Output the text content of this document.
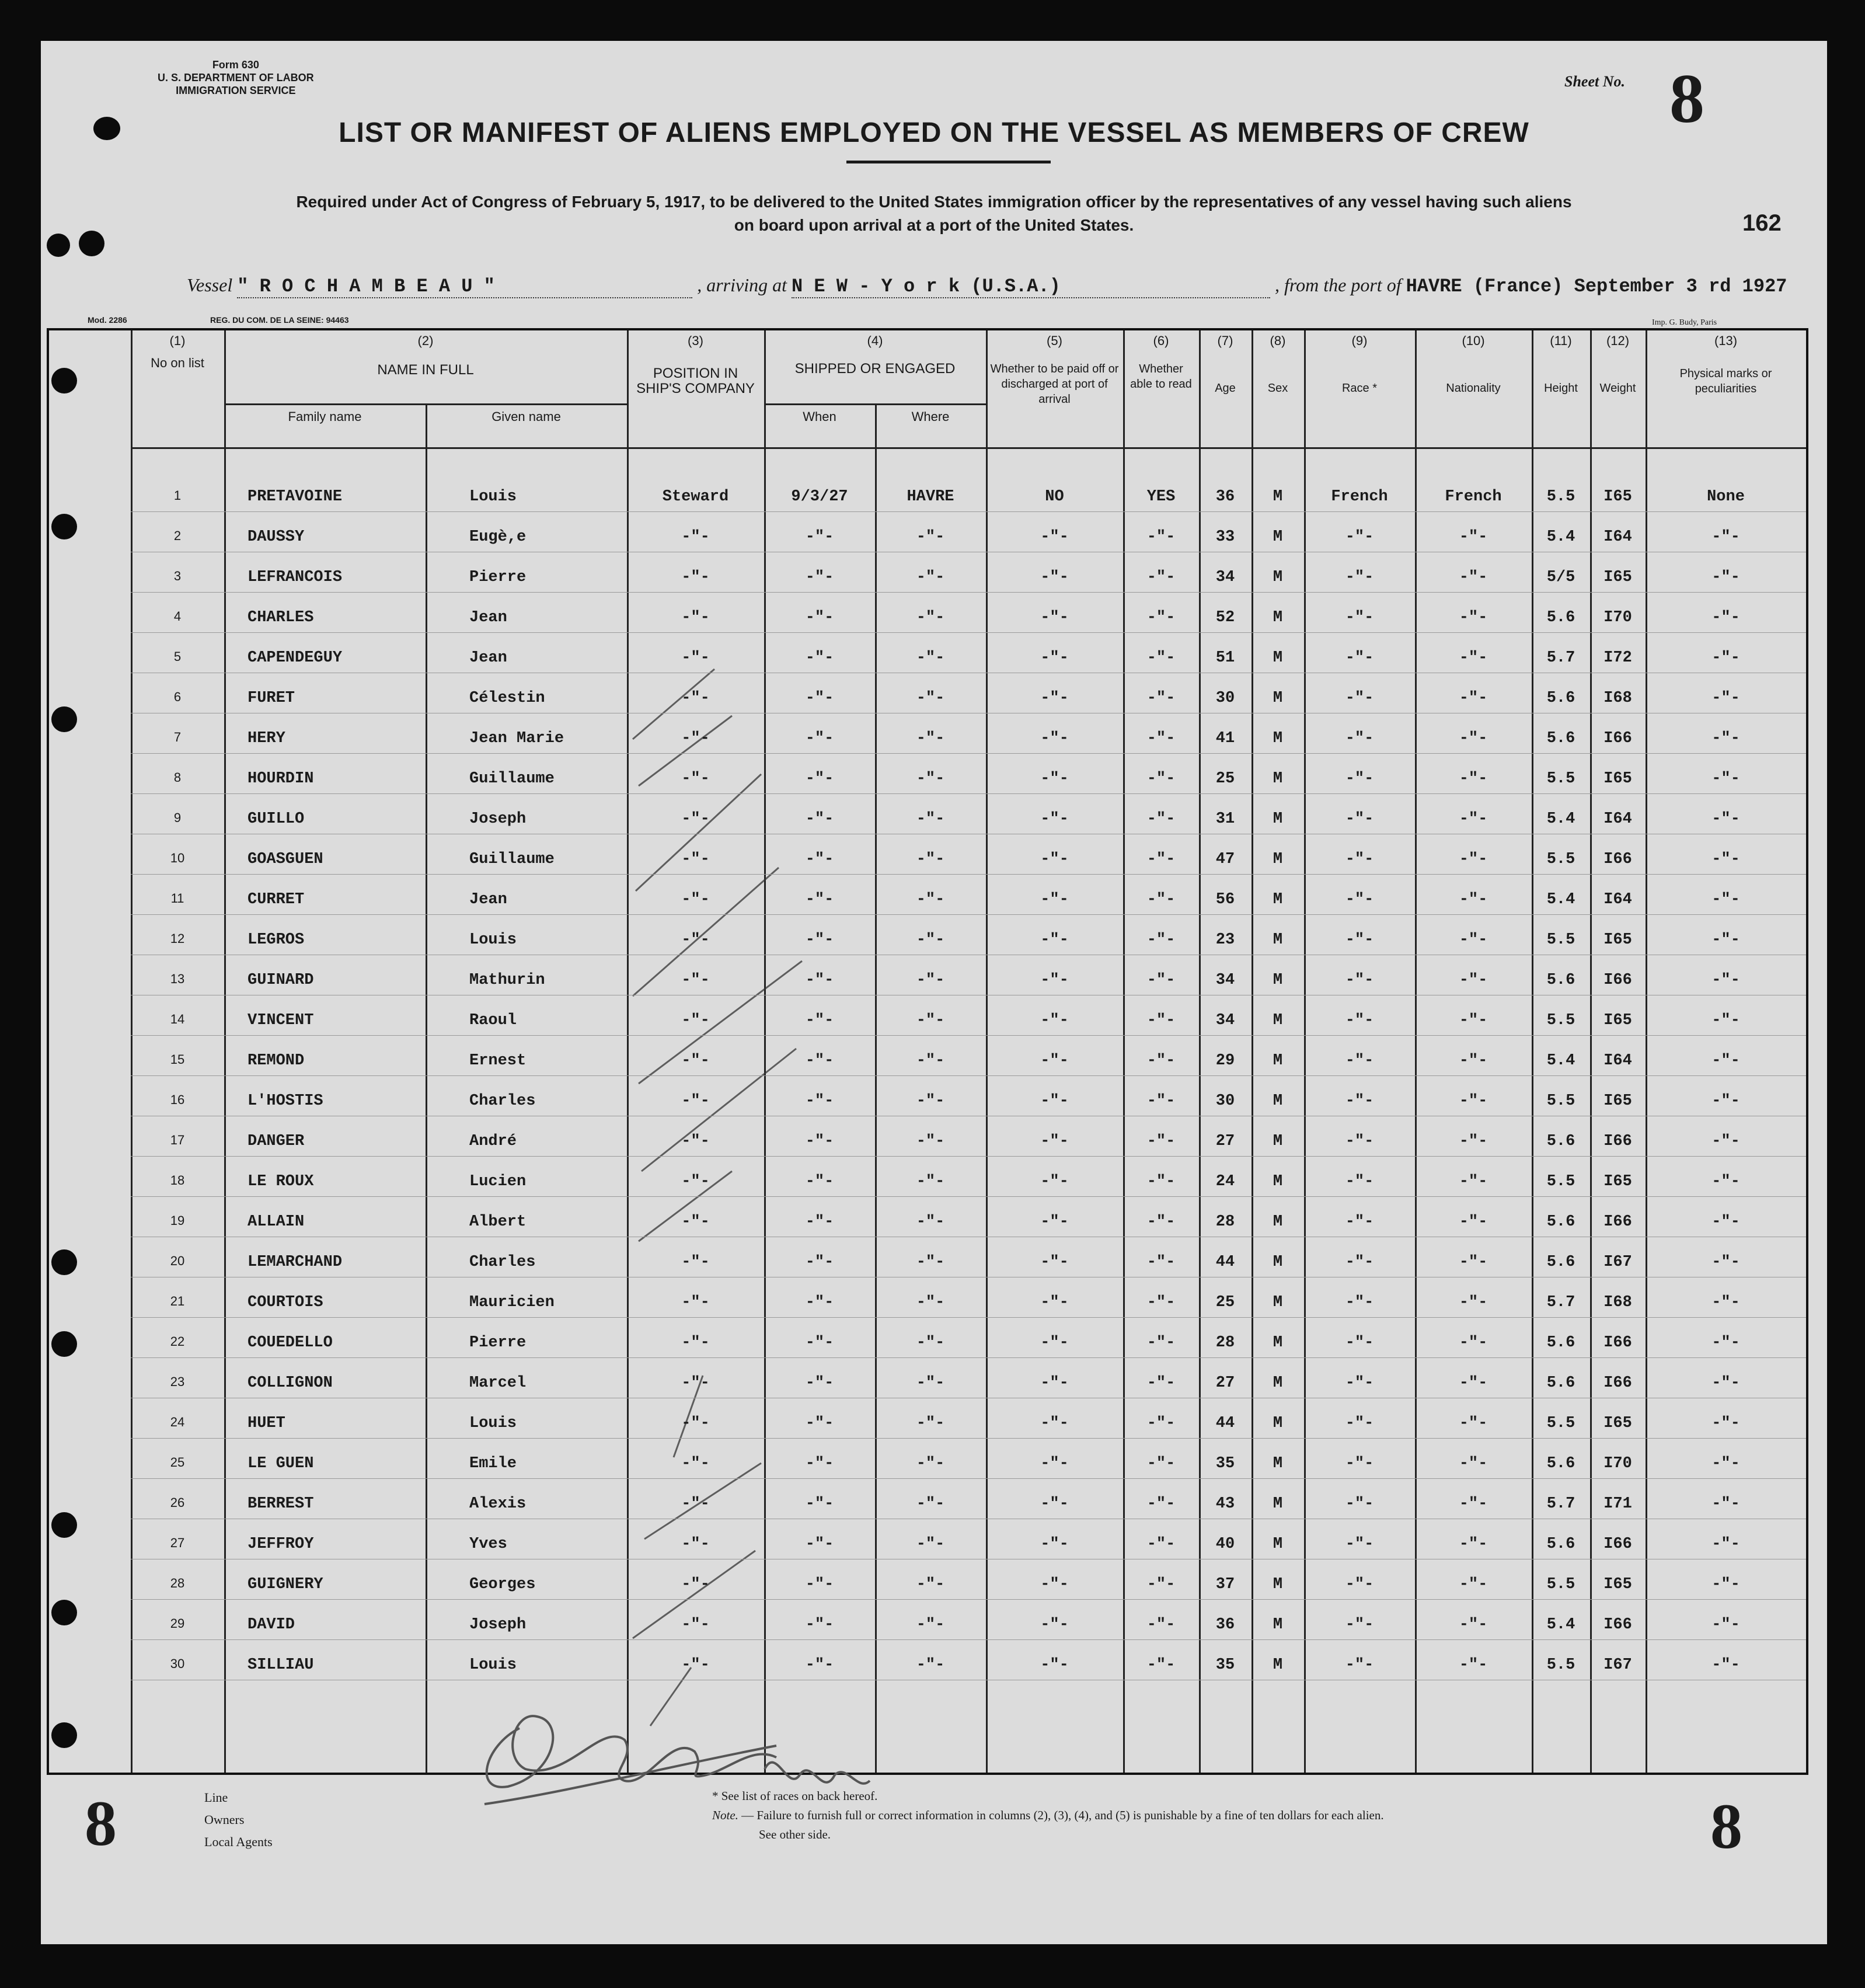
Form 630
U. S. DEPARTMENT OF LABOR
IMMIGRATION SERVICE
Sheet No. 8
LIST OR MANIFEST OF ALIENS EMPLOYED ON THE VESSEL AS MEMBERS OF CREW
Required under Act of Congress of February 5, 1917, to be delivered to the United States immigration officer by the representatives of any vessel having such aliens
on board upon arrival at a port of the United States.	162
Vessel " R O C H A M B E A U "	, arriving at N E W - Y o r k (U.S.A.)	, from the port of HAVRE (France) September 3 rd 1927
Mod. 2286	REG. DU COM. DE LA SEINE: 94463	Imp. G. Budy, Paris
(1)
No on list
(2)
NAME IN FULL
Family name	Given name
(3)
POSITION IN SHIP'S COMPANY
(4)
SHIPPED OR ENGAGED
When	Where
(5)
Whether to be paid off or discharged at port of arrival
(6)
Whether able to read
(7)
Age
(8)
Sex
(9)
Race *
(10)
Nationality
(11)
Height
(12)
Weight
(13)
Physical marks or peculiarities
1	PRETAVOINE	Louis	Steward	9/3/27	HAVRE	NO	YES	36	M	French	French	5.5	I65	None
2	DAUSSY	Eugè,e	-"-	-"-	-"-	-"-	-"-	33	M	-"-	-"-	5.4	I64	-"-
3	LEFRANCOIS	Pierre	-"-	-"-	-"-	-"-	-"-	34	M	-"-	-"-	5/5	I65	-"-
4	CHARLES	Jean	-"-	-"-	-"-	-"-	-"-	52	M	-"-	-"-	5.6	I70	-"-
5	CAPENDEGUY	Jean	-"-	-"-	-"-	-"-	-"-	51	M	-"-	-"-	5.7	I72	-"-
6	FURET	Célestin	-"-	-"-	-"-	-"-	-"-	30	M	-"-	-"-	5.6	I68	-"-
7	HERY	Jean Marie	-"-	-"-	-"-	-"-	-"-	41	M	-"-	-"-	5.6	I66	-"-
8	HOURDIN	Guillaume	-"-	-"-	-"-	-"-	-"-	25	M	-"-	-"-	5.5	I65	-"-
9	GUILLO	Joseph	-"-	-"-	-"-	-"-	-"-	31	M	-"-	-"-	5.4	I64	-"-
10	GOASGUEN	Guillaume	-"-	-"-	-"-	-"-	-"-	47	M	-"-	-"-	5.5	I66	-"-
11	CURRET	Jean	-"-	-"-	-"-	-"-	-"-	56	M	-"-	-"-	5.4	I64	-"-
12	LEGROS	Louis	-"-	-"-	-"-	-"-	-"-	23	M	-"-	-"-	5.5	I65	-"-
13	GUINARD	Mathurin	-"-	-"-	-"-	-"-	-"-	34	M	-"-	-"-	5.6	I66	-"-
14	VINCENT	Raoul	-"-	-"-	-"-	-"-	-"-	34	M	-"-	-"-	5.5	I65	-"-
15	REMOND	Ernest	-"-	-"-	-"-	-"-	-"-	29	M	-"-	-"-	5.4	I64	-"-
16	L'HOSTIS	Charles	-"-	-"-	-"-	-"-	-"-	30	M	-"-	-"-	5.5	I65	-"-
17	DANGER	André	-"-	-"-	-"-	-"-	-"-	27	M	-"-	-"-	5.6	I66	-"-
18	LE ROUX	Lucien	-"-	-"-	-"-	-"-	-"-	24	M	-"-	-"-	5.5	I65	-"-
19	ALLAIN	Albert	-"-	-"-	-"-	-"-	-"-	28	M	-"-	-"-	5.6	I66	-"-
20	LEMARCHAND	Charles	-"-	-"-	-"-	-"-	-"-	44	M	-"-	-"-	5.6	I67	-"-
21	COURTOIS	Mauricien	-"-	-"-	-"-	-"-	-"-	25	M	-"-	-"-	5.7	I68	-"-
22	COUEDELLO	Pierre	-"-	-"-	-"-	-"-	-"-	28	M	-"-	-"-	5.6	I66	-"-
23	COLLIGNON	Marcel	-"-	-"-	-"-	-"-	-"-	27	M	-"-	-"-	5.6	I66	-"-
24	HUET	Louis	-"-	-"-	-"-	-"-	-"-	44	M	-"-	-"-	5.5	I65	-"-
25	LE GUEN	Emile	-"-	-"-	-"-	-"-	-"-	35	M	-"-	-"-	5.6	I70	-"-
26	BERREST	Alexis	-"-	-"-	-"-	-"-	-"-	43	M	-"-	-"-	5.7	I71	-"-
27	JEFFROY	Yves	-"-	-"-	-"-	-"-	-"-	40	M	-"-	-"-	5.6	I66	-"-
28	GUIGNERY	Georges	-"-	-"-	-"-	-"-	-"-	37	M	-"-	-"-	5.5	I65	-"-
29	DAVID	Joseph	-"-	-"-	-"-	-"-	-"-	36	M	-"-	-"-	5.4	I66	-"-
30	SILLIAU	Louis	-"-	-"-	-"-	-"-	-"-	35	M	-"-	-"-	5.5	I67	-"-
8	8
Line
Owners
Local Agents
* See list of races on back hereof.
Note. — Failure to furnish full or correct information in columns (2), (3), (4), and (5) is punishable by a fine of ten dollars for each alien.
See other side.
